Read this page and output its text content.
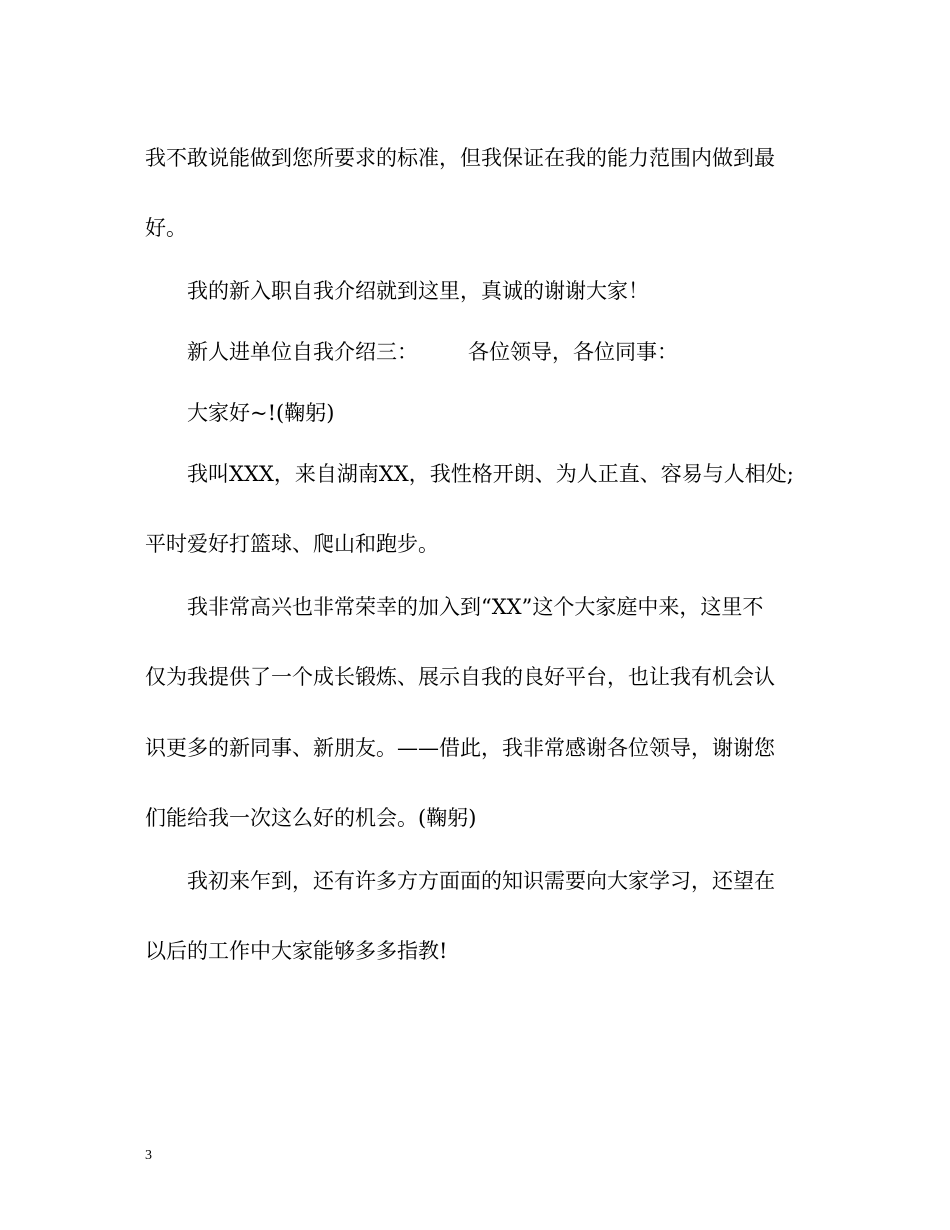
我不敢说能做到您所要求的标准，但我保证在我的能力范围内做到最
好。
我的新入职自我介绍就到这里，真诚的谢谢大家！
新人进单位自我介绍三： 各位领导，各位同事：
大家好~!(鞠躬)
我叫XXX，来自湖南XX，我性格开朗、为人正直、容易与人相处;
平时爱好打篮球、爬山和跑步。
我非常高兴也非常荣幸的加入到“XX”这个大家庭中来，这里不
仅为我提供了一个成长锻炼、展示自我的良好平台，也让我有机会认
识更多的新同事、新朋友。——借此，我非常感谢各位领导，谢谢您
们能给我一次这么好的机会。(鞠躬)
我初来乍到，还有许多方方面面的知识需要向大家学习，还望在
以后的工作中大家能够多多指教!
3
